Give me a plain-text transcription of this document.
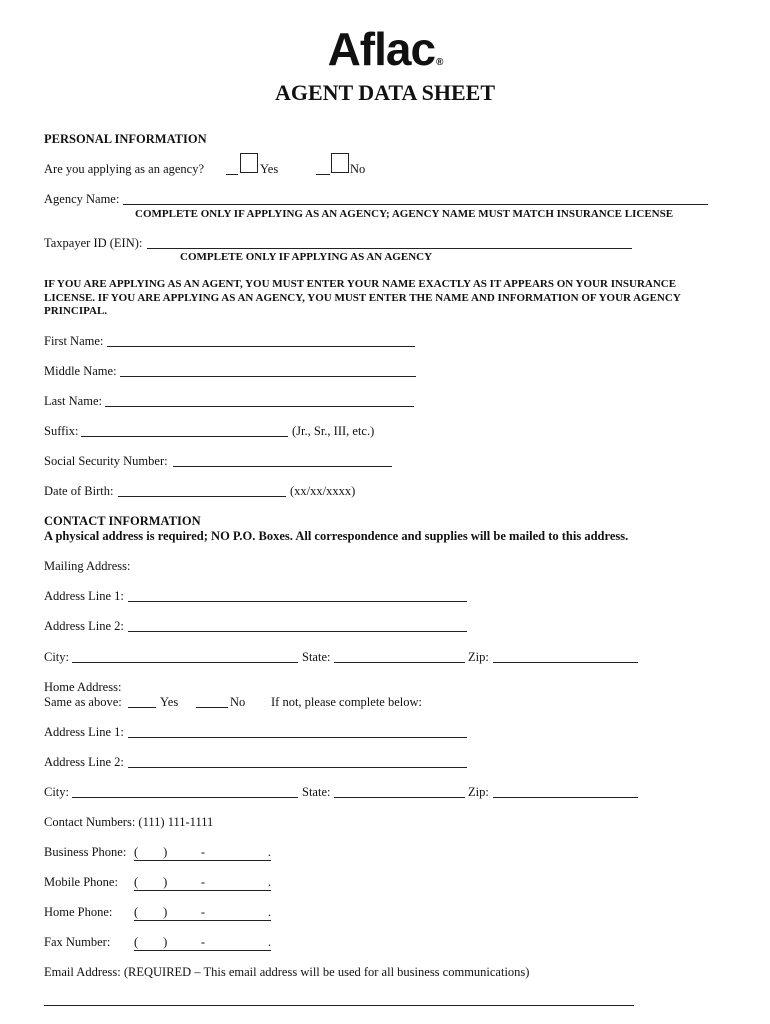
Aflac®
AGENT DATA SHEET
PERSONAL INFORMATION
Are you applying as an agency?	Yes	No
Agency Name:
COMPLETE ONLY IF APPLYING AS AN AGENCY; AGENCY NAME MUST MATCH INSURANCE LICENSE
Taxpayer ID (EIN):
COMPLETE ONLY IF APPLYING AS AN AGENCY
IF YOU ARE APPLYING AS AN AGENT, YOU MUST ENTER YOUR NAME EXACTLY AS IT APPEARS ON YOUR INSURANCE LICENSE. IF YOU ARE APPLYING AS AN AGENCY, YOU MUST ENTER THE NAME AND INFORMATION OF YOUR AGENCY PRINCIPAL.
First Name:
Middle Name:
Last Name:
Suffix:	(Jr., Sr., III, etc.)
Social Security Number:
Date of Birth:	(xx/xx/xxxx)
CONTACT INFORMATION
A physical address is required; NO P.O. Boxes. All correspondence and supplies will be mailed to this address.
Mailing Address:
Address Line 1:
Address Line 2:
City:	State:	Zip:
Home Address:
Same as above:	Yes	No If not, please complete below:
Address Line 1:
Address Line 2:
City:	State:	Zip:
Contact Numbers: (111) 111-1111
Business Phone: (    )	-	.
Mobile Phone: (    )	-	.
Home Phone: (    )	-	.
Fax Number: (    )	-	.
Email Address: (REQUIRED – This email address will be used for all business communications)
